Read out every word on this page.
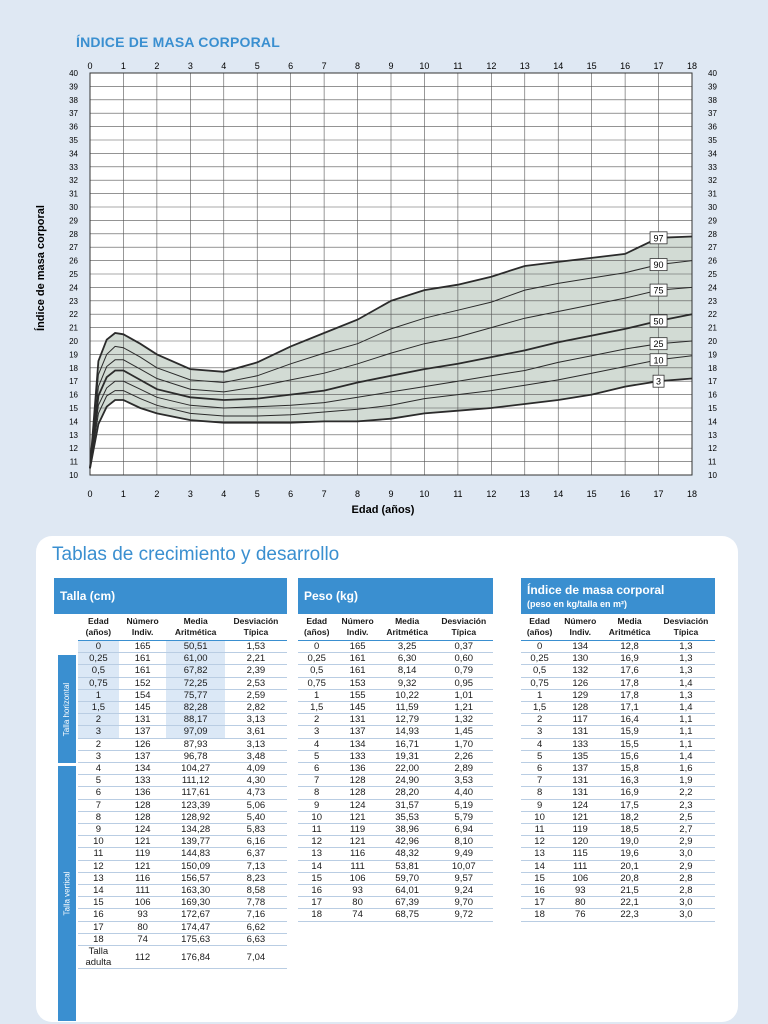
ÍNDICE DE MASA CORPORAL
97
90
75
50
25
10
3
0
0
1
1
2
2
3
3
4
4
5
5
6
6
7
7
8
8
9
9
10
10
11
11
12
12
13
13
14
14
15
15
16
16
17
17
18
18
10	10
11	11
12	12
13	13
14	14
15	15
16	16
17	17
18	18
19	19
20	20
21	21
22	22
23	23
24	24
25	25
26	26
27	27
28	28
29	29
30	30
31	31
32	32
33	33
34	34
35	35
36	36
37	37
38	38
39	39
40	40
Edad (años)
Índice de masa corporal
Tablas de crecimiento y desarrollo
Talla (cm)
Talla horizontal
Talla vertical
Edad (años)	Número Indiv.	Media Aritmética	Desviación Típica
0	165	50,51	1,53
0,25	161	61,00	2,21
0,5	161	67,82	2,39
0,75	152	72,25	2,53
1	154	75,77	2,59
1,5	145	82,28	2,82
2	131	88,17	3,13
3	137	97,09	3,61
2	126	87,93	3,13
3	137	96,78	3,48
4	134	104,27	4,09
5	133	111,12	4,30
6	136	117,61	4,73
7	128	123,39	5,06
8	128	128,92	5,40
9	124	134,28	5,83
10	121	139,77	6,16
11	119	144,83	6,37
12	121	150,09	7,13
13	116	156,57	8,23
14	111	163,30	8,58
15	106	169,30	7,78
16	93	172,67	7,16
17	80	174,47	6,62
18	74	175,63	6,63
Talla adulta	112	176,84	7,04
Peso (kg)
Edad (años)	Número Indiv.	Media Aritmética	Desviación Típica
0	165	3,25	0,37
0,25	161	6,30	0,60
0,5	161	8,14	0,79
0,75	153	9,32	0,95
1	155	10,22	1,01
1,5	145	11,59	1,21
2	131	12,79	1,32
3	137	14,93	1,45
4	134	16,71	1,70
5	133	19,31	2,26
6	136	22,00	2,89
7	128	24,90	3,53
8	128	28,20	4,40
9	124	31,57	5,19
10	121	35,53	5,79
11	119	38,96	6,94
12	121	42,96	8,10
13	116	48,32	9,49
14	111	53,81	10,07
15	106	59,70	9,57
16	93	64,01	9,24
17	80	67,39	9,70
18	74	68,75	9,72
Índice de masa corporal
(peso en kg/talla en m²)
Edad (años)	Número Indiv.	Media Aritmética	Desviación Típica
0	134	12,8	1,3
0,25	130	16,9	1,3
0,5	132	17,6	1,3
0,75	126	17,8	1,4
1	129	17,8	1,3
1,5	128	17,1	1,4
2	117	16,4	1,1
3	131	15,9	1,1
4	133	15,5	1,1
5	135	15,6	1,4
6	137	15,8	1,6
7	131	16,3	1,9
8	131	16,9	2,2
9	124	17,5	2,3
10	121	18,2	2,5
11	119	18,5	2,7
12	120	19,0	2,9
13	115	19,6	3,0
14	111	20,1	2,9
15	106	20,8	2,8
16	93	21,5	2,8
17	80	22,1	3,0
18	76	22,3	3,0
